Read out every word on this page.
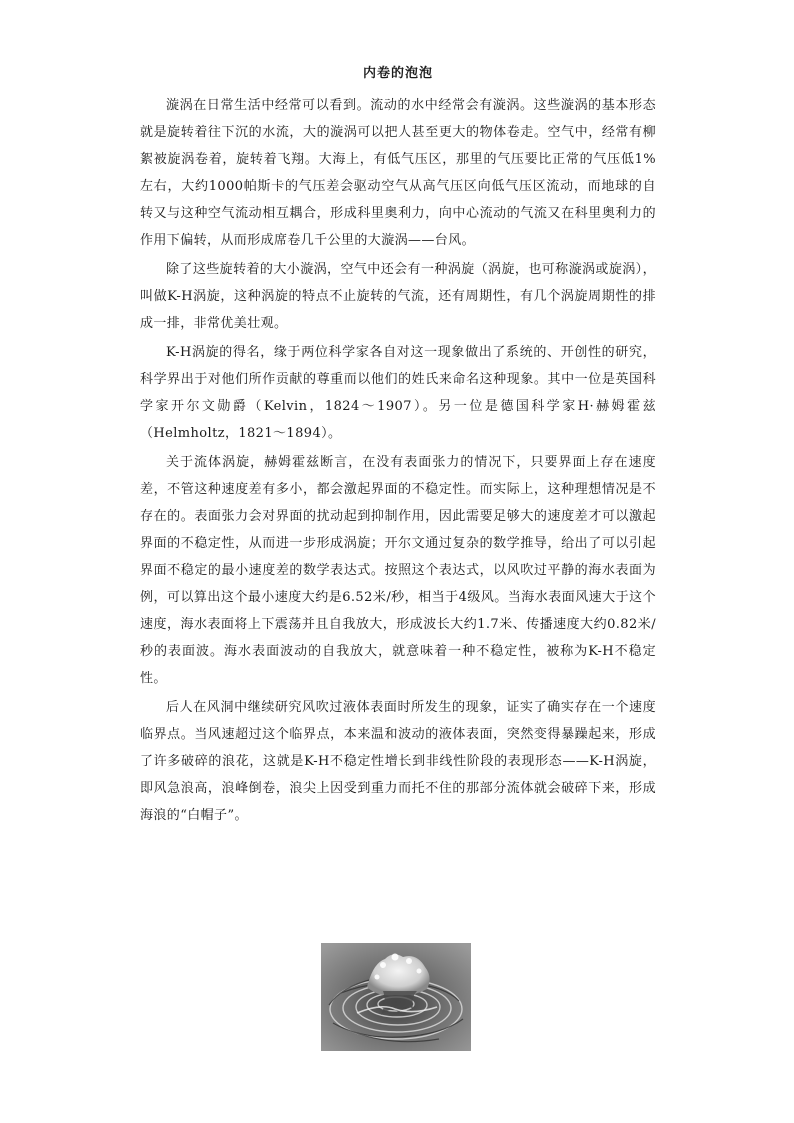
内卷的泡泡

漩涡在日常生活中经常可以看到。流动的水中经常会有漩涡。这些漩涡的基本形态就是旋转着往下沉的水流，大的漩涡可以把人甚至更大的物体卷走。空气中，经常有柳絮被旋涡卷着，旋转着飞翔。大海上，有低气压区，那里的气压要比正常的气压低1%左右，大约1000帕斯卡的气压差会驱动空气从高气压区向低气压区流动，而地球的自转又与这种空气流动相互耦合，形成科里奥利力，向中心流动的气流又在科里奥利力的作用下偏转，从而形成席卷几千公里的大漩涡——台风。

除了这些旋转着的大小漩涡，空气中还会有一种涡旋（涡旋，也可称漩涡或旋涡），叫做K-H涡旋，这种涡旋的特点不止旋转的气流，还有周期性，有几个涡旋周期性的排成一排，非常优美壮观。

K-H涡旋的得名，缘于两位科学家各自对这一现象做出了系统的、开创性的研究，科学界出于对他们所作贡献的尊重而以他们的姓氏来命名这种现象。其中一位是英国科学家开尔文勋爵（Kelvin，1824～1907）。另一位是德国科学家H·赫姆霍兹（Helmholtz，1821～1894）。

关于流体涡旋，赫姆霍兹断言，在没有表面张力的情况下，只要界面上存在速度差，不管这种速度差有多小，都会激起界面的不稳定性。而实际上，这种理想情况是不存在的。表面张力会对界面的扰动起到抑制作用，因此需要足够大的速度差才可以激起界面的不稳定性，从而进一步形成涡旋；开尔文通过复杂的数学推导，给出了可以引起界面不稳定的最小速度差的数学表达式。按照这个表达式，以风吹过平静的海水表面为例，可以算出这个最小速度大约是6.52米/秒，相当于4级风。当海水表面风速大于这个速度，海水表面将上下震荡并且自我放大，形成波长大约1.7米、传播速度大约0.82米/秒的表面波。海水表面波动的自我放大，就意味着一种不稳定性，被称为K-H不稳定性。

后人在风洞中继续研究风吹过液体表面时所发生的现象，证实了确实存在一个速度临界点。当风速超过这个临界点，本来温和波动的液体表面，突然变得暴躁起来，形成了许多破碎的浪花，这就是K-H不稳定性增长到非线性阶段的表现形态——K-H涡旋，即风急浪高，浪峰倒卷，浪尖上因受到重力而托不住的那部分流体就会破碎下来，形成海浪的“白帽子”。
